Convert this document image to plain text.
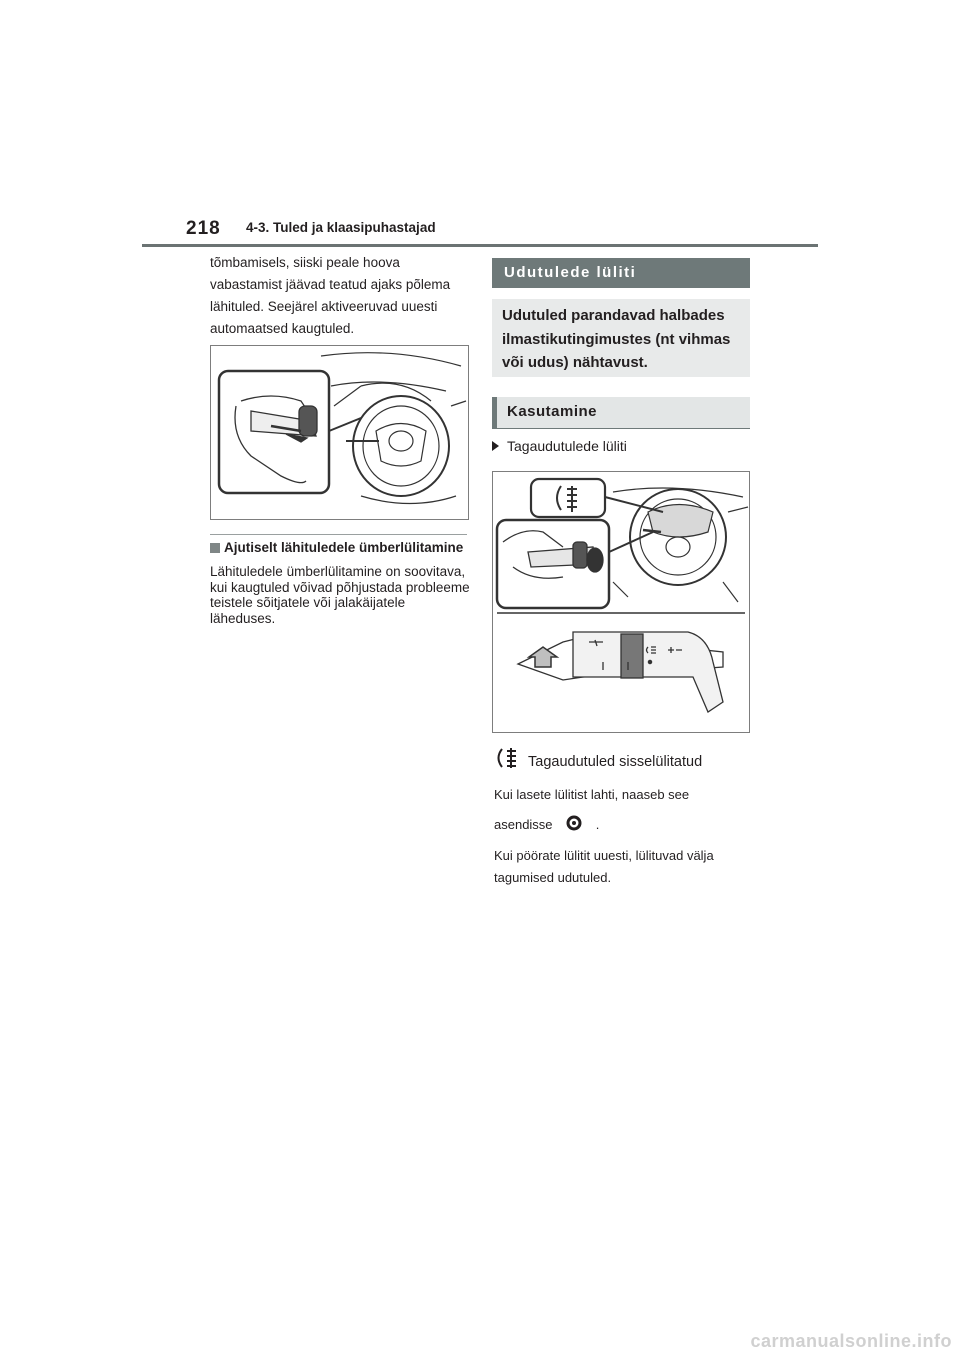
218 4-3. Tuled ja klaasipuhastajad

tõmbamisels, siiski peale hoova vabastamist jäävad teatud ajaks põlema lähituled. Seejärel aktiveeruvad uuesti automaatsed kaugtuled.

Ajutiselt lähituledele ümberlülitamine

Lähituledele ümberlülitamine on soovitava, kui kaugtuled võivad põhjustada probleeme teistele sõitjatele või jalakäijatele läheduses.

Udutulede lüliti
Udutuled parandavad halbades ilmastikutingimustes (nt vihmas või udus) nähtavust.
Kasutamine
Tagaudutulede lüliti
Tagaudutuled sisselülitatud
Kui lasete lülitist lahti, naaseb see
asendisse	.
Kui pöörate lülitit uuesti, lülituvad välja tagumised udutuled.
carmanualsonline.info
